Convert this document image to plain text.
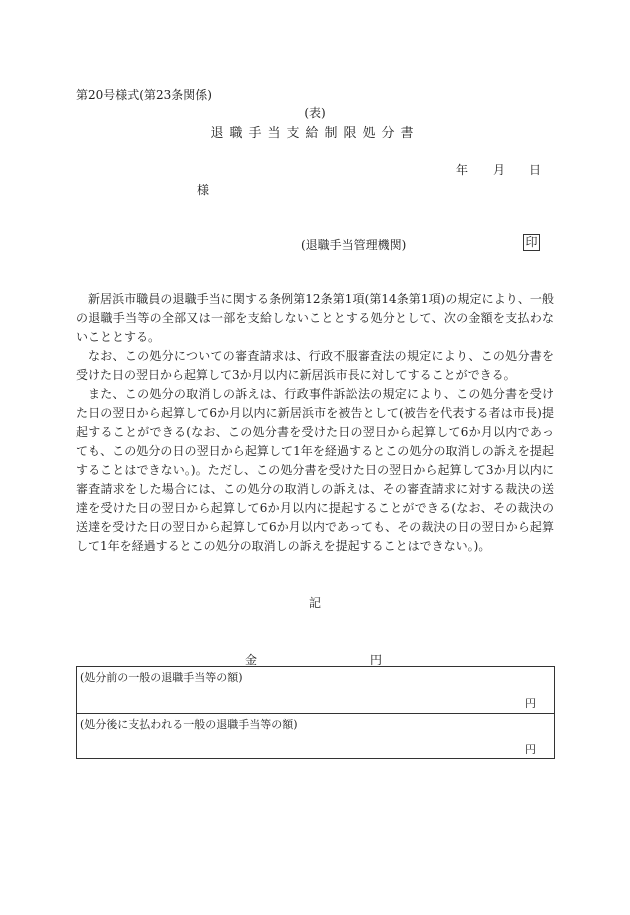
第20号様式(第23条関係)
(表)
退職手当支給制限処分書
年 月 日
様
(退職手当管理機関)	印

新居浜市職員の退職手当に関する条例第12条第1項(第14条第1項)の規定により、一般の退職手当等の全部又は一部を支給しないこととする処分として、次の金額を支払わないこととする。

なお、この処分についての審査請求は、行政不服審査法の規定により、この処分書を受けた日の翌日から起算して3か月以内に新居浜市長に対してすることができる。

また、この処分の取消しの訴えは、行政事件訴訟法の規定により、この処分書を受けた日の翌日から起算して6か月以内に新居浜市を被告として(被告を代表する者は市長)提起することができる(なお、この処分書を受けた日の翌日から起算して6か月以内であっても、この処分の日の翌日から起算して1年を経過するとこの処分の取消しの訴えを提起することはできない。)。ただし、この処分書を受けた日の翌日から起算して3か月以内に審査請求をした場合には、この処分の取消しの訴えは、その審査請求に対する裁決の送達を受けた日の翌日から起算して6か月以内に提起することができる(なお、その裁決の送達を受けた日の翌日から起算して6か月以内であっても、その裁決の日の翌日から起算して1年を経過するとこの処分の取消しの訴えを提起することはできない。)。

記
金	円
(処分前の一般の退職手当等の額)
円
(処分後に支払われる一般の退職手当等の額)
円
